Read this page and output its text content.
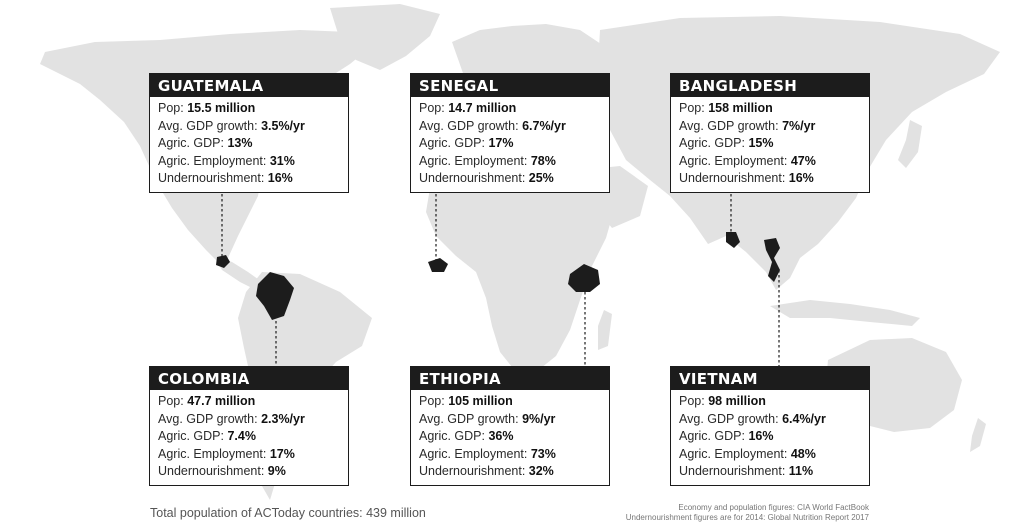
GUATEMALA
Pop: 15.5 million
Avg. GDP growth: 3.5%/yr
Agric. GDP: 13%
Agric. Employment: 31%
Undernourishment: 16%
SENEGAL
Pop: 14.7 million
Avg. GDP growth: 6.7%/yr
Agric. GDP: 17%
Agric. Employment: 78%
Undernourishment: 25%
BANGLADESH
Pop: 158 million
Avg. GDP growth: 7%/yr
Agric. GDP: 15%
Agric. Employment: 47%
Undernourishment: 16%
COLOMBIA
Pop: 47.7 million
Avg. GDP growth: 2.3%/yr
Agric. GDP: 7.4%
Agric. Employment: 17%
Undernourishment: 9%
ETHIOPIA
Pop: 105 million
Avg. GDP growth: 9%/yr
Agric. GDP: 36%
Agric. Employment: 73%
Undernourishment: 32%
VIETNAM
Pop: 98 million
Avg. GDP growth: 6.4%/yr
Agric. GDP: 16%
Agric. Employment: 48%
Undernourishment: 11%
Total population of ACToday countries: 439 million	Economy and population figures: CIA World FactBook
Undernourishment figures are for 2014: Global Nutrition Report 2017
